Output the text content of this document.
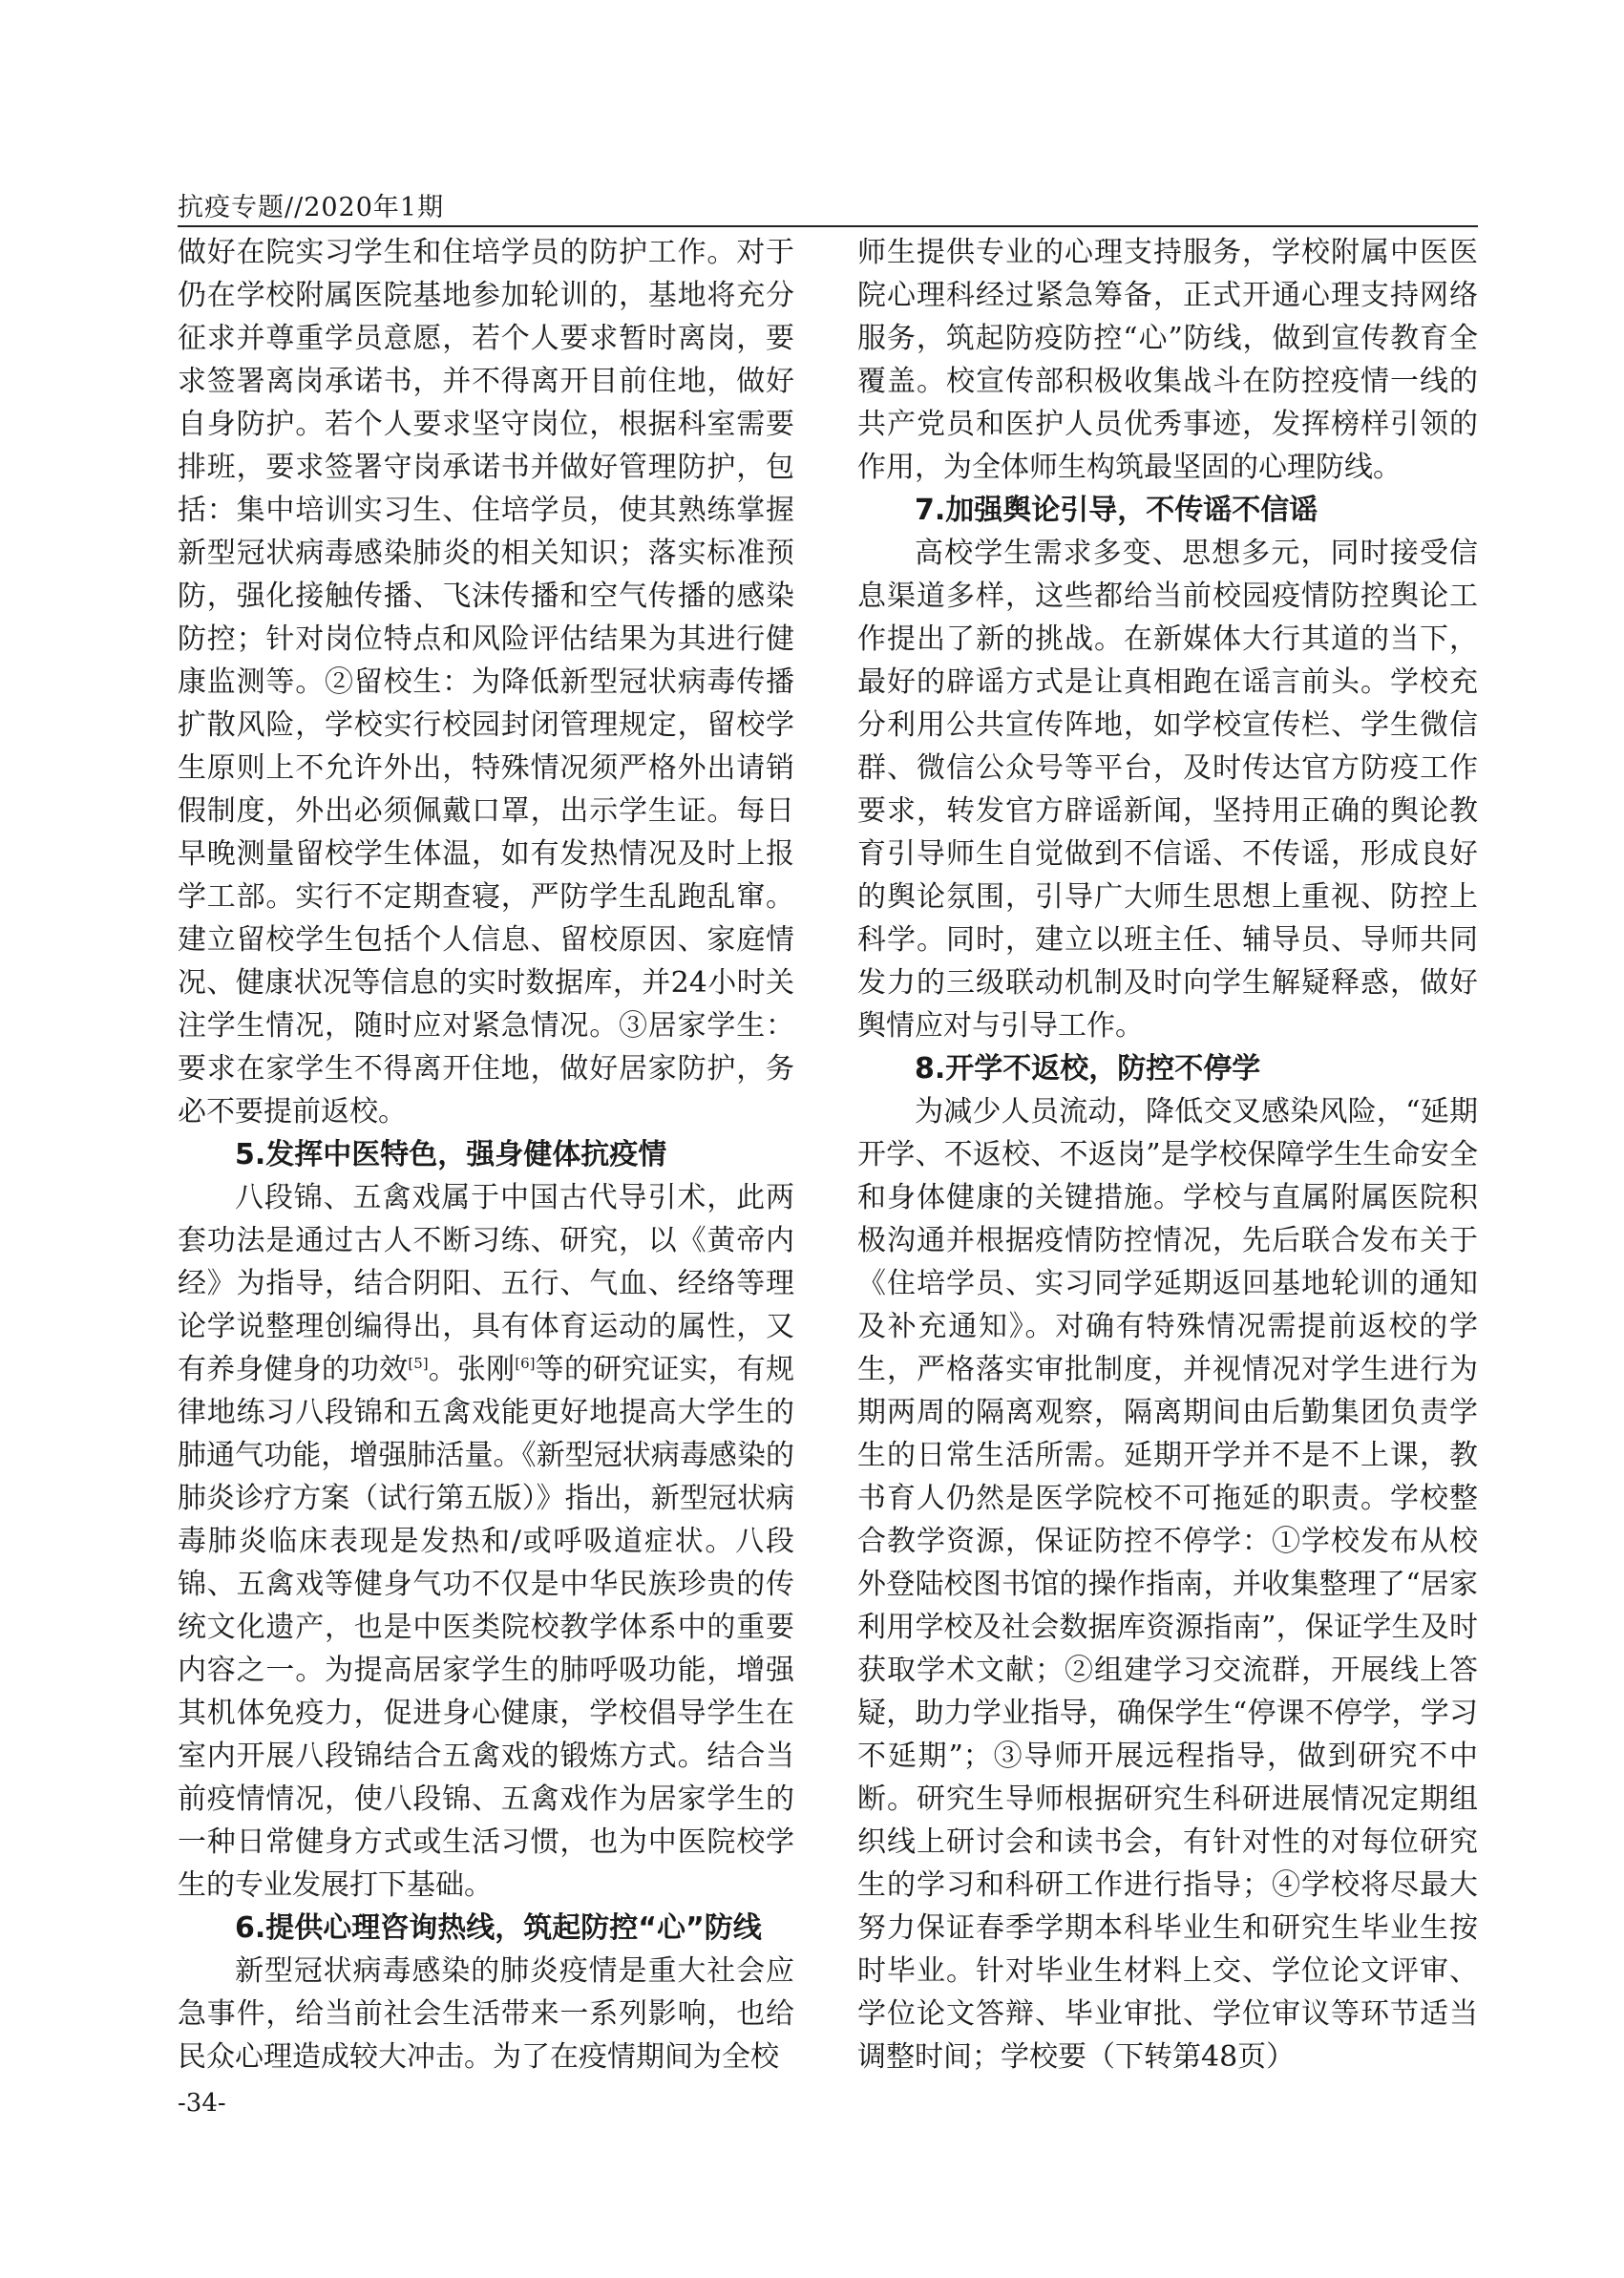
抗疫专题//2020年1期

做好在院实习学生和住培学员的防护工作。对于仍在学校附属医院基地参加轮训的，基地将充分征求并尊重学员意愿，若个人要求暂时离岗，要求签署离岗承诺书，并不得离开目前住地，做好自身防护。若个人要求坚守岗位，根据科室需要排班，要求签署守岗承诺书并做好管理防护，包括：集中培训实习生、住培学员，使其熟练掌握新型冠状病毒感染肺炎的相关知识；落实标准预防，强化接触传播、飞沫传播和空气传播的感染防控；针对岗位特点和风险评估结果为其进行健康监测等。②留校生：为降低新型冠状病毒传播扩散风险，学校实行校园封闭管理规定，留校学生原则上不允许外出，特殊情况须严格外出请销假制度，外出必须佩戴口罩，出示学生证。每日早晚测量留校学生体温，如有发热情况及时上报学工部。实行不定期查寝，严防学生乱跑乱窜。建立留校学生包括个人信息、留校原因、家庭情况、健康状况等信息的实时数据库，并24小时关注学生情况，随时应对紧急情况。③居家学生：要求在家学生不得离开住地，做好居家防护，务必不要提前返校。

5.发挥中医特色，强身健体抗疫情

八段锦、五禽戏属于中国古代导引术，此两套功法是通过古人不断习练、研究，以《黄帝内经》为指导，结合阴阳、五行、气血、经络等理论学说整理创编得出，具有体育运动的属性，又有养身健身的功效[5]。张刚[6]等的研究证实，有规律地练习八段锦和五禽戏能更好地提高大学生的肺通气功能，增强肺活量。《新型冠状病毒感染的肺炎诊疗方案（试行第五版）》指出，新型冠状病毒肺炎临床表现是发热和/或呼吸道症状。八段锦、五禽戏等健身气功不仅是中华民族珍贵的传统文化遗产，也是中医类院校教学体系中的重要内容之一。为提高居家学生的肺呼吸功能，增强其机体免疫力，促进身心健康，学校倡导学生在室内开展八段锦结合五禽戏的锻炼方式。结合当前疫情情况，使八段锦、五禽戏作为居家学生的一种日常健身方式或生活习惯，也为中医院校学生的专业发展打下基础。

6.提供心理咨询热线，筑起防控“心”防线

新型冠状病毒感染的肺炎疫情是重大社会应急事件，给当前社会生活带来一系列影响，也给民众心理造成较大冲击。为了在疫情期间为全校

师生提供专业的心理支持服务，学校附属中医医院心理科经过紧急筹备，正式开通心理支持网络服务，筑起防疫防控“心”防线，做到宣传教育全覆盖。校宣传部积极收集战斗在防控疫情一线的共产党员和医护人员优秀事迹，发挥榜样引领的作用，为全体师生构筑最坚固的心理防线。

7.加强舆论引导，不传谣不信谣

高校学生需求多变、思想多元，同时接受信息渠道多样，这些都给当前校园疫情防控舆论工作提出了新的挑战。在新媒体大行其道的当下，最好的辟谣方式是让真相跑在谣言前头。学校充分利用公共宣传阵地，如学校宣传栏、学生微信群、微信公众号等平台，及时传达官方防疫工作要求，转发官方辟谣新闻，坚持用正确的舆论教育引导师生自觉做到不信谣、不传谣，形成良好的舆论氛围，引导广大师生思想上重视、防控上科学。同时，建立以班主任、辅导员、导师共同发力的三级联动机制及时向学生解疑释惑，做好舆情应对与引导工作。

8.开学不返校，防控不停学

为减少人员流动，降低交叉感染风险，“延期开学、不返校、不返岗”是学校保障学生生命安全和身体健康的关键措施。学校与直属附属医院积极沟通并根据疫情防控情况，先后联合发布关于《住培学员、实习同学延期返回基地轮训的通知及补充通知》。对确有特殊情况需提前返校的学生，严格落实审批制度，并视情况对学生进行为期两周的隔离观察，隔离期间由后勤集团负责学生的日常生活所需。延期开学并不是不上课，教书育人仍然是医学院校不可拖延的职责。学校整合教学资源，保证防控不停学：①学校发布从校外登陆校图书馆的操作指南，并收集整理了“居家利用学校及社会数据库资源指南”，保证学生及时获取学术文献；②组建学习交流群，开展线上答疑，助力学业指导，确保学生“停课不停学，学习不延期”；③导师开展远程指导，做到研究不中断。研究生导师根据研究生科研进展情况定期组织线上研讨会和读书会，有针对性的对每位研究生的学习和科研工作进行指导；④学校将尽最大努力保证春季学期本科毕业生和研究生毕业生按时毕业。针对毕业生材料上交、学位论文评审、学位论文答辩、毕业审批、学位审议等环节适当调整时间；学校要（下转第48页）

-34-
